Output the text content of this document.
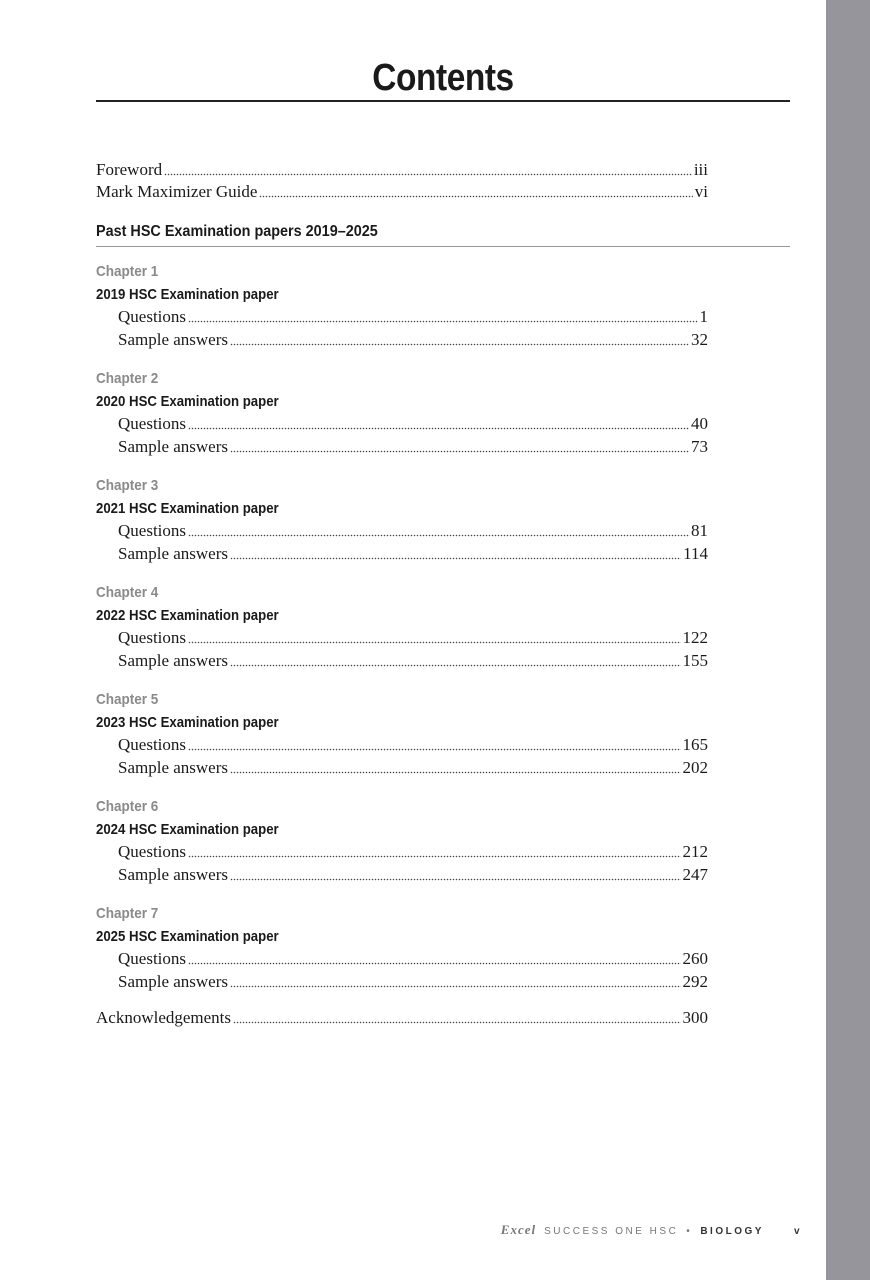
Contents
Foreword	iii
Mark Maximizer Guide	vi
Past HSC Examination papers 2019–2025
Chapter 1
2019 HSC Examination paper
Questions	1
Sample answers	32
Chapter 2
2020 HSC Examination paper
Questions	40
Sample answers	73
Chapter 3
2021 HSC Examination paper
Questions	81
Sample answers	114
Chapter 4
2022 HSC Examination paper
Questions	122
Sample answers	155
Chapter 5
2023 HSC Examination paper
Questions	165
Sample answers	202
Chapter 6
2024 HSC Examination paper
Questions	212
Sample answers	247
Chapter 7
2025 HSC Examination paper
Questions	260
Sample answers	292
Acknowledgements	300
Excel SUCCESS ONE HSC • BIOLOGY	v
